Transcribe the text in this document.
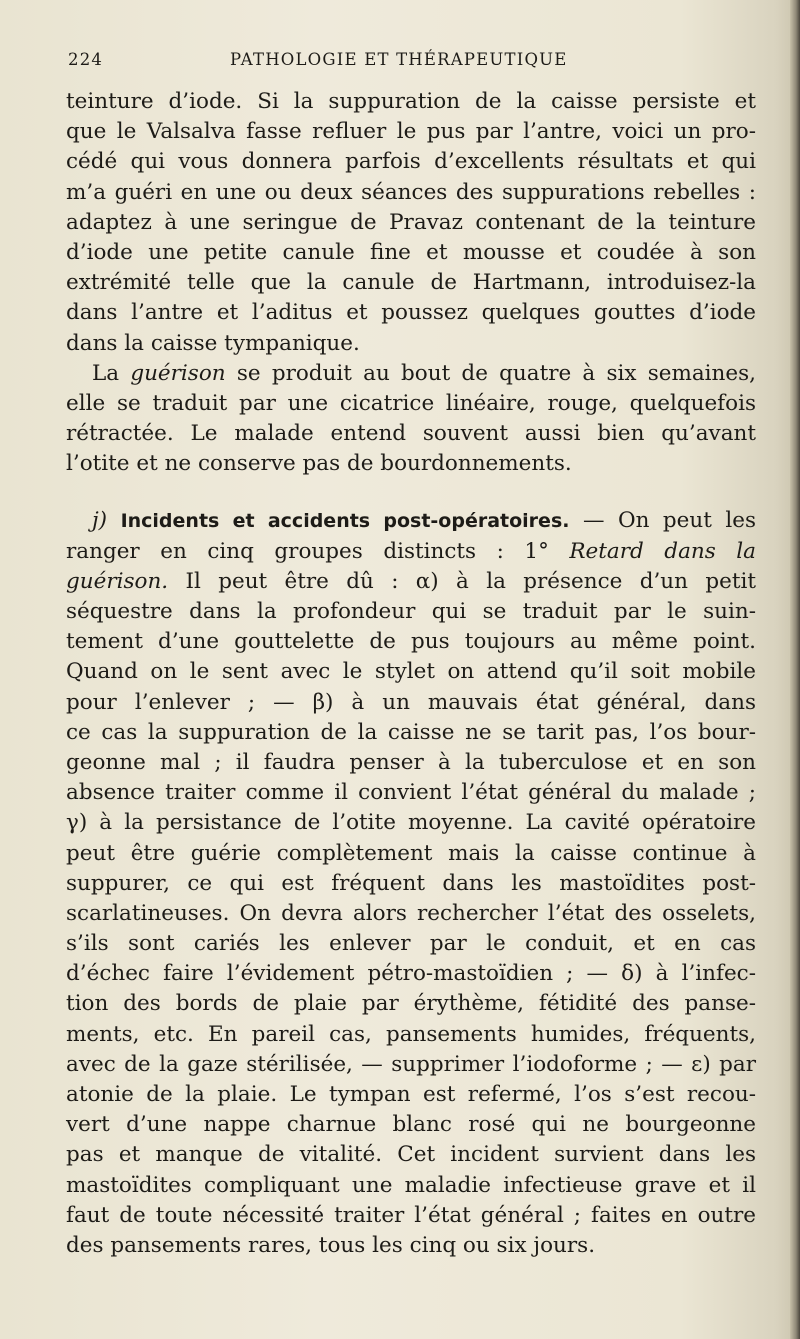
224	PATHOLOGIE ET THÉRAPEUTIQUE
teinture d’iode. Si la suppuration de la caisse persiste et
que le Valsalva fasse refluer le pus par l’antre, voici un pro-
cédé qui vous donnera parfois d’excellents résultats et qui
m’a guéri en une ou deux séances des suppurations rebelles :
adaptez à une seringue de Pravaz contenant de la teinture
d’iode une petite canule fine et mousse et coudée à son
extrémité telle que la canule de Hartmann, introduisez-la
dans l’antre et l’aditus et poussez quelques gouttes d’iode
dans la caisse tympanique.
La guérison se produit au bout de quatre à six semaines,
elle se traduit par une cicatrice linéaire, rouge, quelquefois
rétractée. Le malade entend souvent aussi bien qu’avant
l’otite et ne conserve pas de bourdonnements.
j) Incidents et accidents post-opératoires. — On peut les
ranger en cinq groupes distincts : 1° Retard dans la
guérison. Il peut être dû : α) à la présence d’un petit
séquestre dans la profondeur qui se traduit par le suin-
tement d’une gouttelette de pus toujours au même point.
Quand on le sent avec le stylet on attend qu’il soit mobile
pour l’enlever ; — β) à un mauvais état général, dans
ce cas la suppuration de la caisse ne se tarit pas, l’os bour-
geonne mal ; il faudra penser à la tuberculose et en son
absence traiter comme il convient l’état général du malade ;
γ) à la persistance de l’otite moyenne. La cavité opératoire
peut être guérie complètement mais la caisse continue à
suppurer, ce qui est fréquent dans les mastoïdites post-
scarlatineuses. On devra alors rechercher l’état des osselets,
s’ils sont cariés les enlever par le conduit, et en cas
d’échec faire l’évidement pétro-mastoïdien ; — δ) à l’infec-
tion des bords de plaie par érythème, fétidité des panse-
ments, etc. En pareil cas, pansements humides, fréquents,
avec de la gaze stérilisée, — supprimer l’iodoforme ; — ε) par
atonie de la plaie. Le tympan est refermé, l’os s’est recou-
vert d’une nappe charnue blanc rosé qui ne bourgeonne
pas et manque de vitalité. Cet incident survient dans les
mastoïdites compliquant une maladie infectieuse grave et il
faut de toute nécessité traiter l’état général ; faites en outre
des pansements rares, tous les cinq ou six jours.
